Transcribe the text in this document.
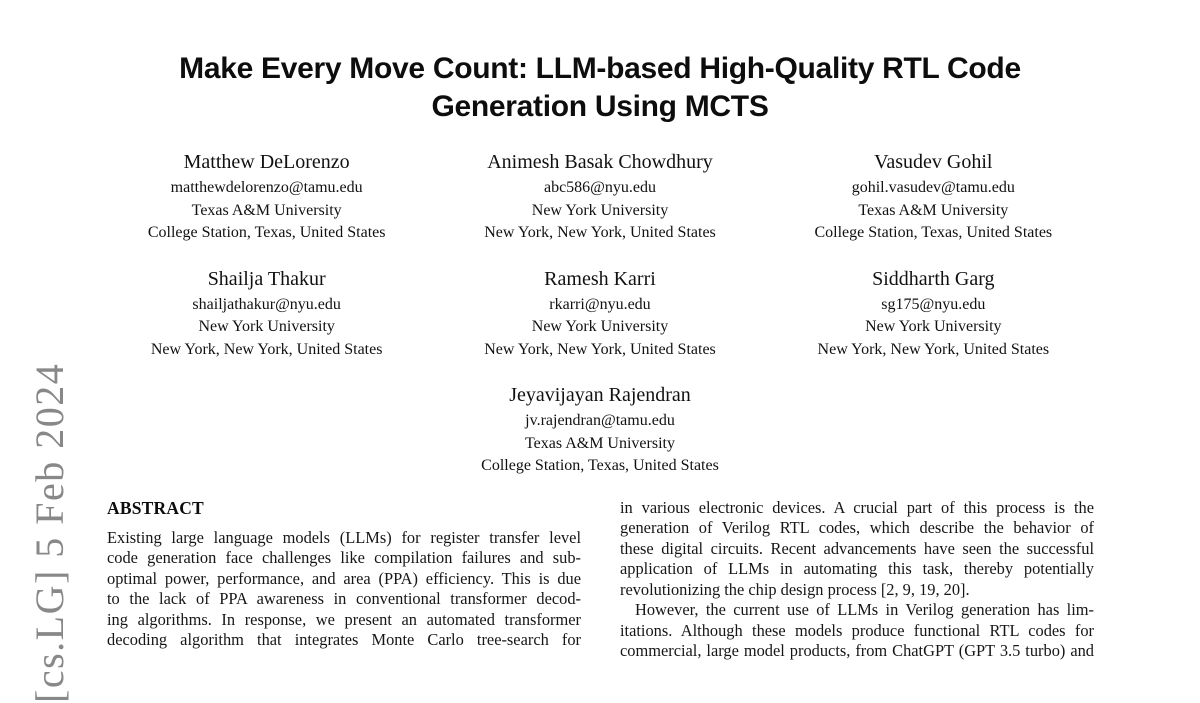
[cs.LG] 5 Feb 2024
Make Every Move Count: LLM-based High-Quality RTL Code
Generation Using MCTS
Matthew DeLorenzo
matthewdelorenzo@tamu.edu
Texas A&M University
College Station, Texas, United States
Animesh Basak Chowdhury
abc586@nyu.edu
New York University
New York, New York, United States
Vasudev Gohil
gohil.vasudev@tamu.edu
Texas A&M University
College Station, Texas, United States
Shailja Thakur
shailjathakur@nyu.edu
New York University
New York, New York, United States
Ramesh Karri
rkarri@nyu.edu
New York University
New York, New York, United States
Siddharth Garg
sg175@nyu.edu
New York University
New York, New York, United States
Jeyavijayan Rajendran
jv.rajendran@tamu.edu
Texas A&M University
College Station, Texas, United States
ABSTRACT
Existing large language models (LLMs) for register transfer level
code generation face challenges like compilation failures and sub-
optimal power, performance, and area (PPA) efficiency. This is due
to the lack of PPA awareness in conventional transformer decod-
ing algorithms. In response, we present an automated transformer
decoding algorithm that integrates Monte Carlo tree-search for
in various electronic devices. A crucial part of this process is the
generation of Verilog RTL codes, which describe the behavior of
these digital circuits. Recent advancements have seen the successful
application of LLMs in automating this task, thereby potentially
revolutionizing the chip design process [2, 9, 19, 20].
However, the current use of LLMs in Verilog generation has lim-
itations. Although these models produce functional RTL codes for
commercial, large model products, from ChatGPT (GPT 3.5 turbo) and
